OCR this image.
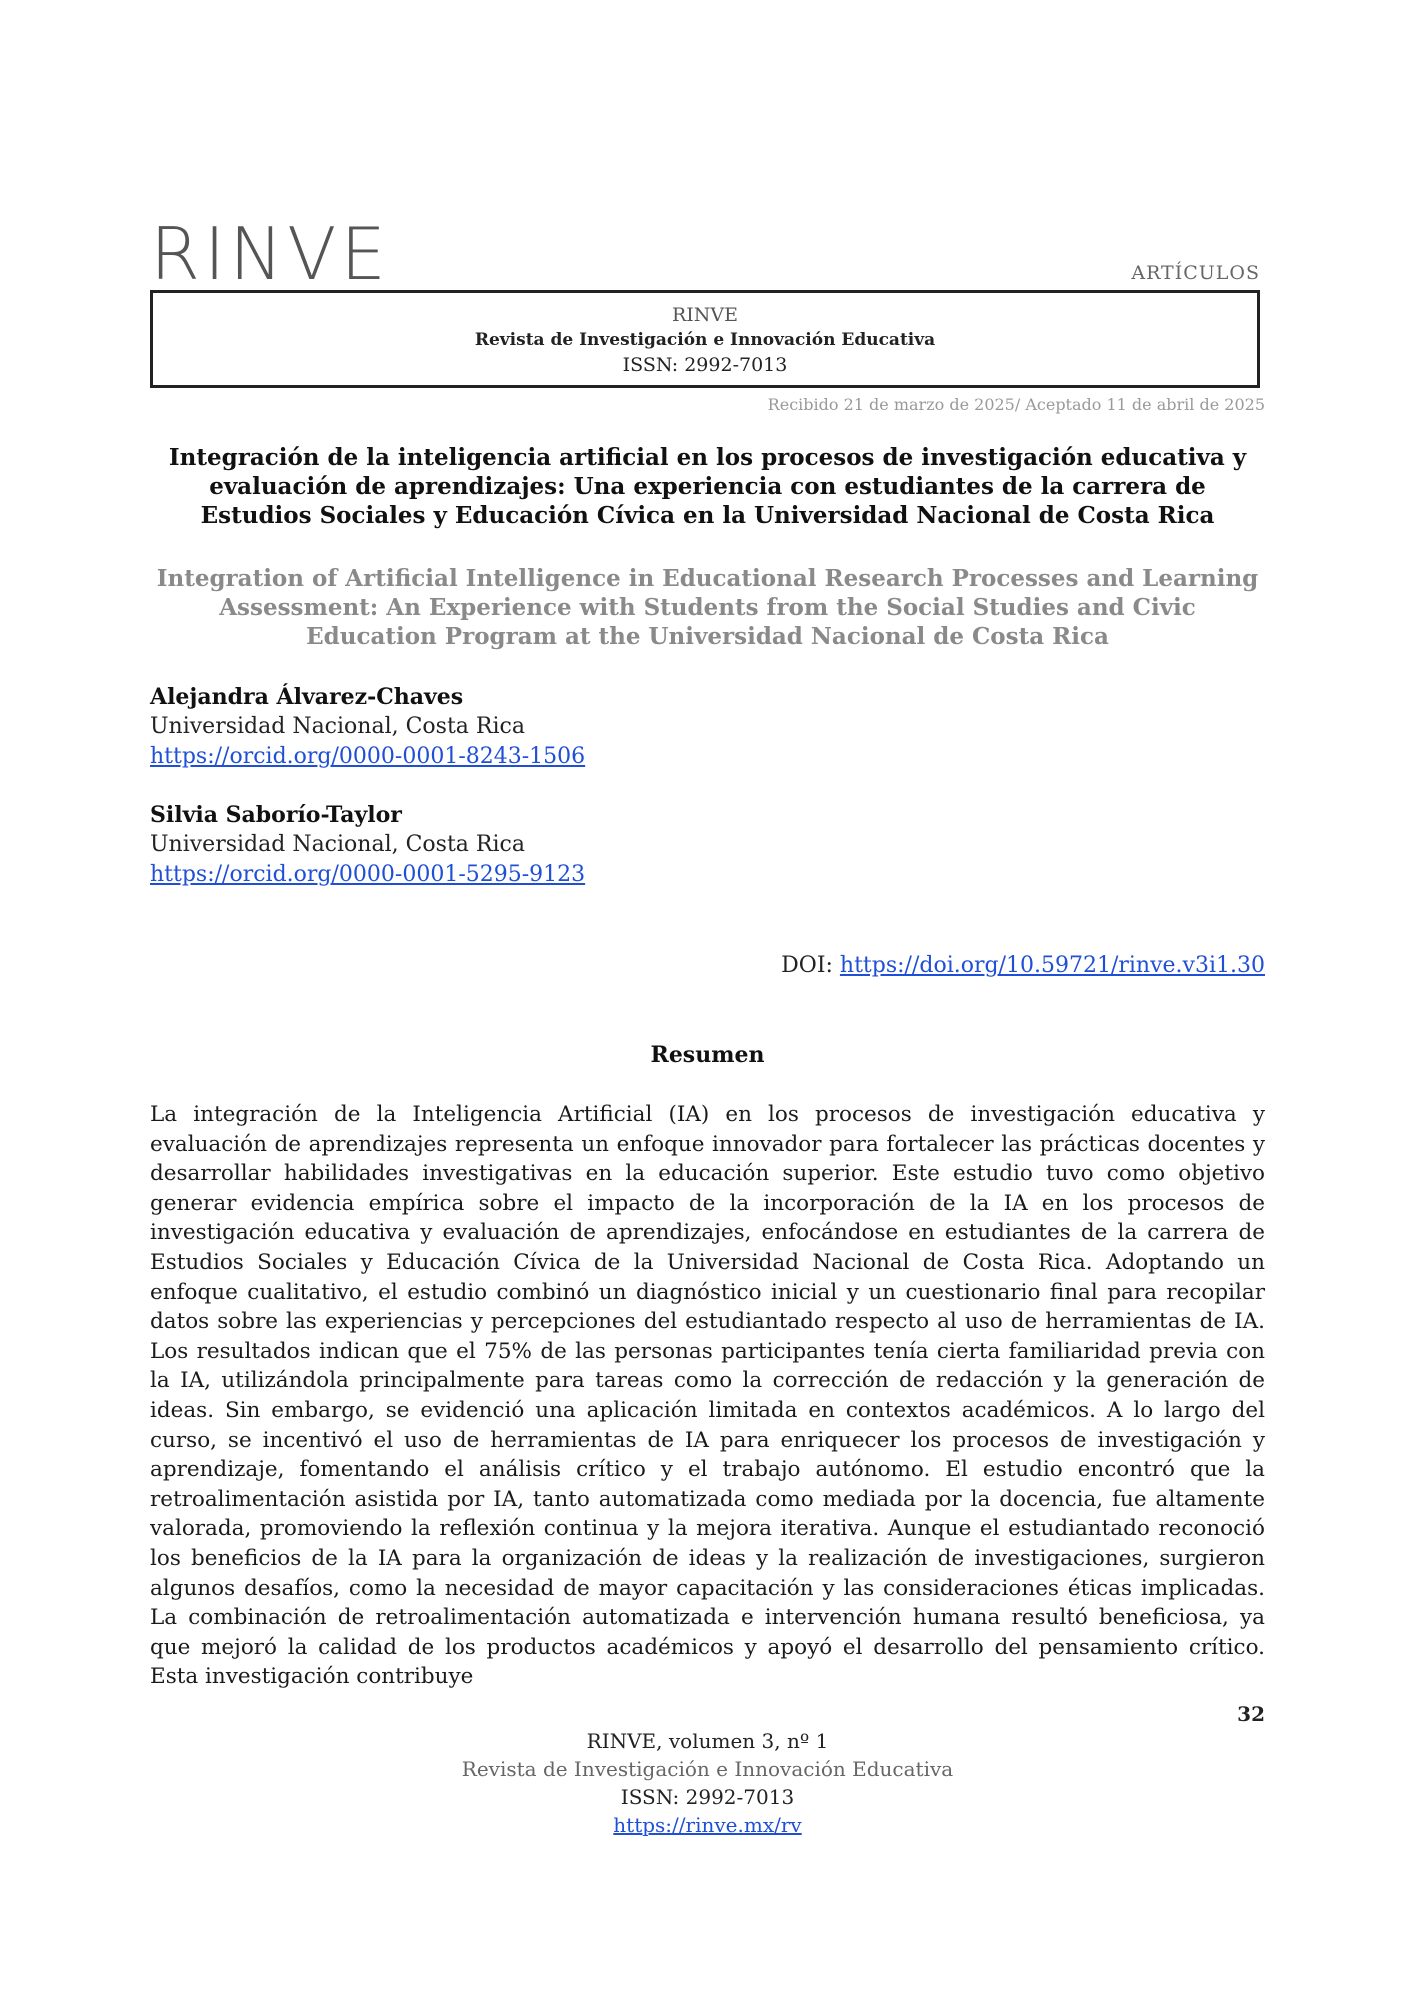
RINVE	ARTÍCULOS
RINVE
Revista de Investigación e Innovación Educativa
ISSN: 2992-7013
Recibido 21 de marzo de 2025/ Aceptado 11 de abril de 2025
Integración de la inteligencia artificial en los procesos de investigación educativa y evaluación de aprendizajes: Una experiencia con estudiantes de la carrera de Estudios Sociales y Educación Cívica en la Universidad Nacional de Costa Rica
Integration of Artificial Intelligence in Educational Research Processes and Learning Assessment: An Experience with Students from the Social Studies and Civic Education Program at the Universidad Nacional de Costa Rica
Alejandra Álvarez-Chaves
Universidad Nacional, Costa Rica
https://orcid.org/0000-0001-8243-1506
Silvia Saborío-Taylor
Universidad Nacional, Costa Rica
https://orcid.org/0000-0001-5295-9123
DOI: https://doi.org/10.59721/rinve.v3i1.30
Resumen

La integración de la Inteligencia Artificial (IA) en los procesos de investigación educativa y evaluación de aprendizajes representa un enfoque innovador para fortalecer las prácticas docentes y desarrollar habilidades investigativas en la educación superior. Este estudio tuvo como objetivo generar evidencia empírica sobre el impacto de la incorporación de la IA en los procesos de investigación educativa y evaluación de aprendizajes, enfocándose en estudiantes de la carrera de Estudios Sociales y Educación Cívica de la Universidad Nacional de Costa Rica. Adoptando un enfoque cualitativo, el estudio combinó un diagnóstico inicial y un cuestionario final para recopilar datos sobre las experiencias y percepciones del estudiantado respecto al uso de herramientas de IA. Los resultados indican que el 75% de las personas participantes tenía cierta familiaridad previa con la IA, utilizándola principalmente para tareas como la corrección de redacción y la generación de ideas. Sin embargo, se evidenció una aplicación limitada en contextos académicos. A lo largo del curso, se incentivó el uso de herramientas de IA para enriquecer los procesos de investigación y aprendizaje, fomentando el análisis crítico y el trabajo autónomo. El estudio encontró que la retroalimentación asistida por IA, tanto automatizada como mediada por la docencia, fue altamente valorada, promoviendo la reflexión continua y la mejora iterativa. Aunque el estudiantado reconoció los beneficios de la IA para la organización de ideas y la realización de investigaciones, surgieron algunos desafíos, como la necesidad de mayor capacitación y las consideraciones éticas implicadas. La combinación de retroalimentación automatizada e intervención humana resultó beneficiosa, ya que mejoró la calidad de los productos académicos y apoyó el desarrollo del pensamiento crítico. Esta investigación contribuye

32
RINVE, volumen 3, nº 1
Revista de Investigación e Innovación Educativa
ISSN: 2992-7013
https://rinve.mx/rv
